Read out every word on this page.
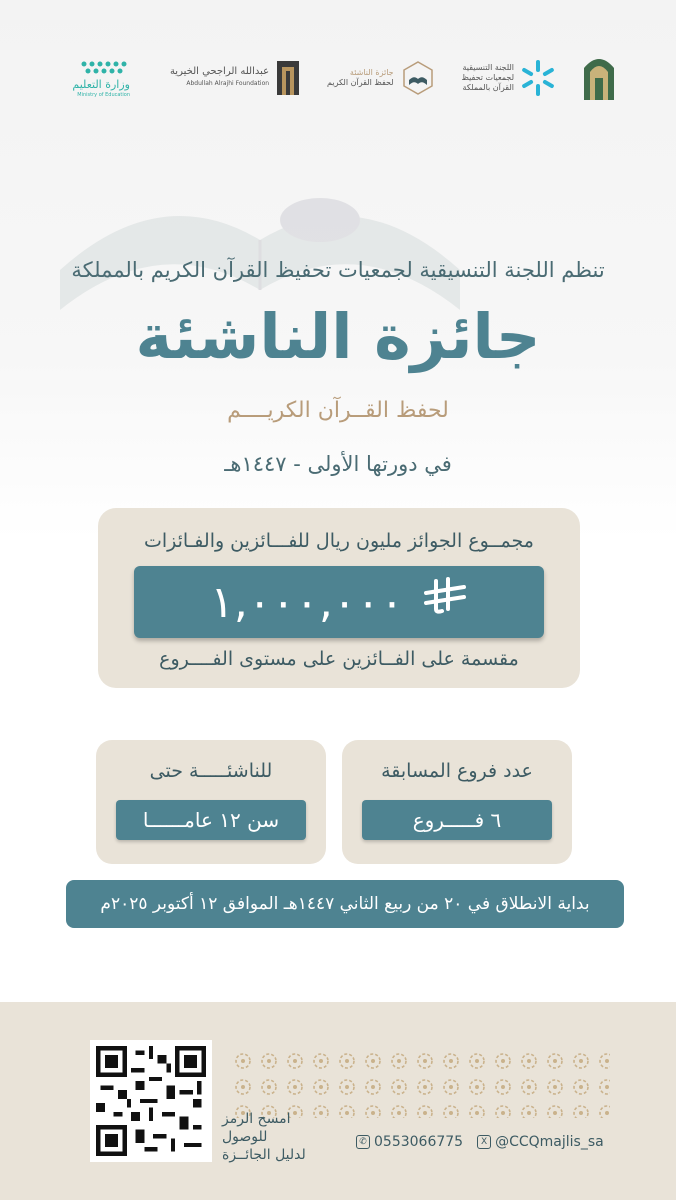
وزارة التعليم
Ministry of Education
عبدالله الراجحي الخيرية
Abdullah Alrajhi Foundation
جائزة الناشئة
لحفظ القرآن الكريم
اللجنة التنسيقية
لجمعيات تحفيظ
القرآن بالمملكة
تنظم اللجنة التنسيقية لجمعيات تحفيظ القرآن الكريم بالمملكة
جائزة الناشئة
لحفظ القــرآن الكريــــم
في دورتها الأولى - ١٤٤٧هـ
مجمــوع الجوائز مليون ريال للفـــائزين والفـائزات
١,٠٠٠,٠٠٠
مقسمة على الفــائزين على مستوى الفــــروع
عدد فروع المسابقة
٦ فـــــروع
للناشئـــــة حتى
سن ١٢ عامــــــا
بداية الانطلاق في ٢٠ من ربيع الثاني ١٤٤٧هـ الموافق ١٢ أكتوبر ٢٠٢٥م
امسح الرمز للوصول
لدليل الجائــزة
✆ 0553066775	X @CCQmajlis_sa
